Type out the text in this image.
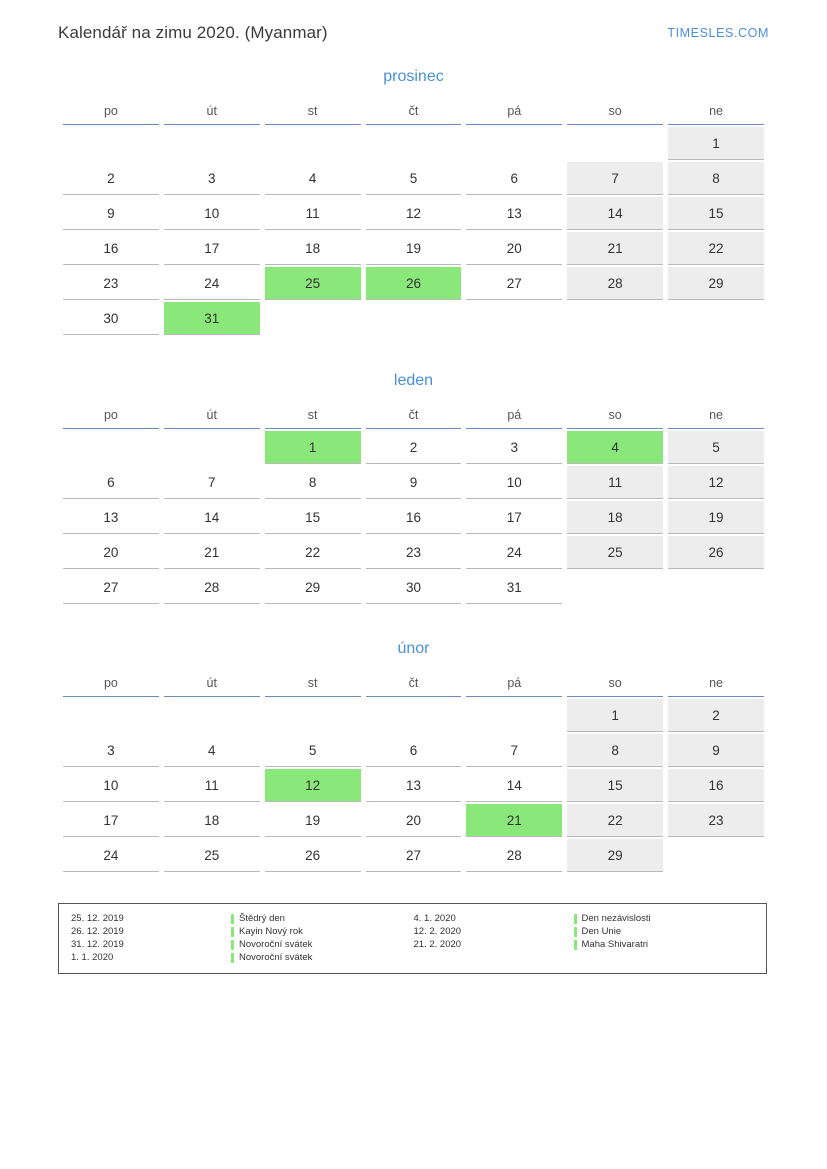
Kalendář na zimu 2020. (Myanmar)	TIMESLES.COM
prosinec
po	út	st	čt	pá	so	ne
						1
2	3	4	5	6	7	8
9	10	11	12	13	14	15
16	17	18	19	20	21	22
23	24	25	26	27	28	29
30	31					
leden
po	út	st	čt	pá	so	ne
		1	2	3	4	5
6	7	8	9	10	11	12
13	14	15	16	17	18	19
20	21	22	23	24	25	26
27	28	29	30	31		
únor
po	út	st	čt	pá	so	ne
					1	2
3	4	5	6	7	8	9
10	11	12	13	14	15	16
17	18	19	20	21	22	23
24	25	26	27	28	29	
25. 12. 2019	Štědrý den
26. 12. 2019	Kayin Nový rok
31. 12. 2019	Novoroční svátek
1. 1. 2020	Novoroční svátek
4. 1. 2020	Den nezávislosti
12. 2. 2020	Den Unie
21. 2. 2020	Maha Shivaratri
